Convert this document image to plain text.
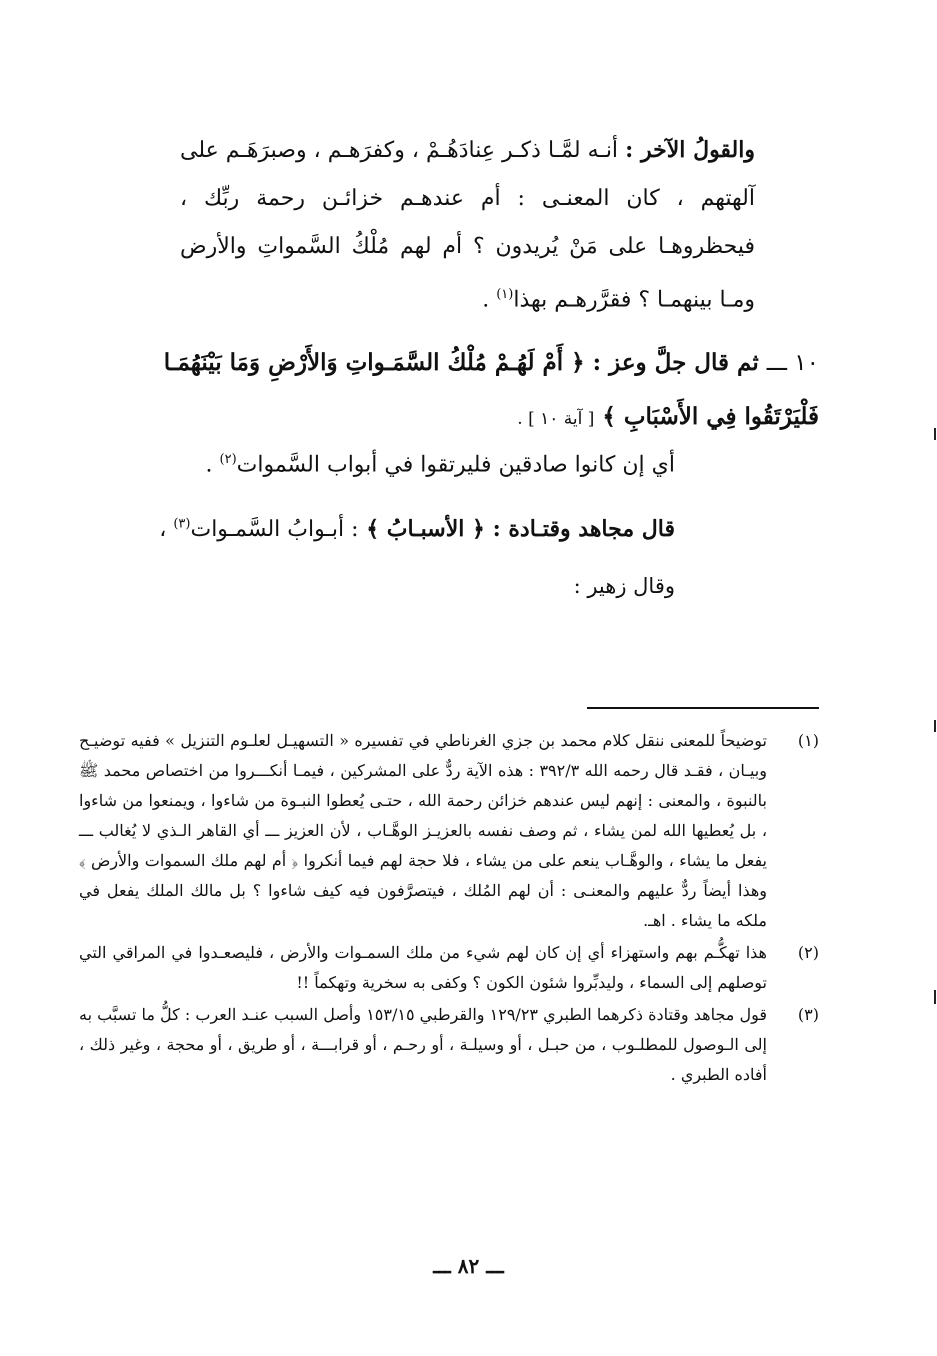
والقولُ الآخر : أنـه لمَّـا ذكـر عِنادَهُـمْ ، وكفرَهـم ، وصبرَهَـم على آلهتهم ، كان المعنـى : أم عندهـم خزائـن رحمة ربِّك ، فيحظروهـا على مَنْ يُريدون ؟ أم لهم مُلْكُ السَّمواتِ والأرض ومـا بينهمـا ؟ فقرَّرهـم بهذا$^{(١)}$ .
١٠ ـــ ثم قال جلَّ وعز : ﴿ أَمْ لَهُـمْ مُلْكُ السَّمَـواتِ وَالأَرْضِ وَمَا بَيْنَهُمَـا فَلْيَرْتَقُوا فِي الأَسْبَابِ ﴾ [ آية ١٠ ] .
أي إن كانوا صادقين فليرتقوا في أبواب السَّموات$^{(٢)}$ .
قال مجاهد وقتـادة : ﴿ الأسبـابُ ﴾ : أبـوابُ السَّمـوات$^{(٣)}$ ،
وقال زهير :
(١)
توضيحاً للمعنى ننقل كلام محمد بن جزي الغرناطي في تفسيره « التسهيـل لعلـوم التنزيل » ففيه توضيـح وبيـان ، فقـد قال رحمه الله ٣٩٢/٣ : هذه الآية ردٌّ على المشركين ، فيمـا أنكـــروا من اختصاص محمد ﷺ بالنبوة ، والمعنى : إنهم ليس عندهم خزائن رحمة الله ، حتـى يُعطوا النبـوة من شاءوا ، ويمنعوا من شاءوا ، بل يُعطيها الله لمن يشاء ، ثم وصف نفسه بالعزيـز الوهَّـاب ، لأن العزيز ـــ أي القاهر الـذي لا يُغالب ـــ يفعل ما يشاء ، والوهَّـاب ينعم على من يشاء ، فلا حجة لهم فيما أنكروا ﴿ أم لهم ملك السموات والأرض ﴾ وهذا أيضاً ردٌّ عليهم والمعنـى : أن لهم المُلك ، فيتصرَّفون فيه كيف شاءوا ؟ بل مالك الملك يفعل في ملكه ما يشاء . اهـ.
(٢)
هذا تهكُّـم بهم واستهزاء أي إن كان لهم شيء من ملك السمـوات والأرض ، فليصعـدوا في المراقي التي توصلهم إلى السماء ، وليدبِّروا شئون الكون ؟ وكفى به سخرية وتهكماً !!
(٣)
قول مجاهد وقتادة ذكرهما الطبري ١٢٩/٢٣ والقرطبي ١٥٣/١٥ وأصل السبب عنـد العرب : كلُّ ما تسبَّب به إلى الـوصول للمطلـوب ، من حبـل ، أو وسيلـة ، أو رحـم ، أو قرابـــة ، أو طريق ، أو محجة ، وغير ذلك ، أفاده الطبري .
ـــ ٨٢ ـــ
